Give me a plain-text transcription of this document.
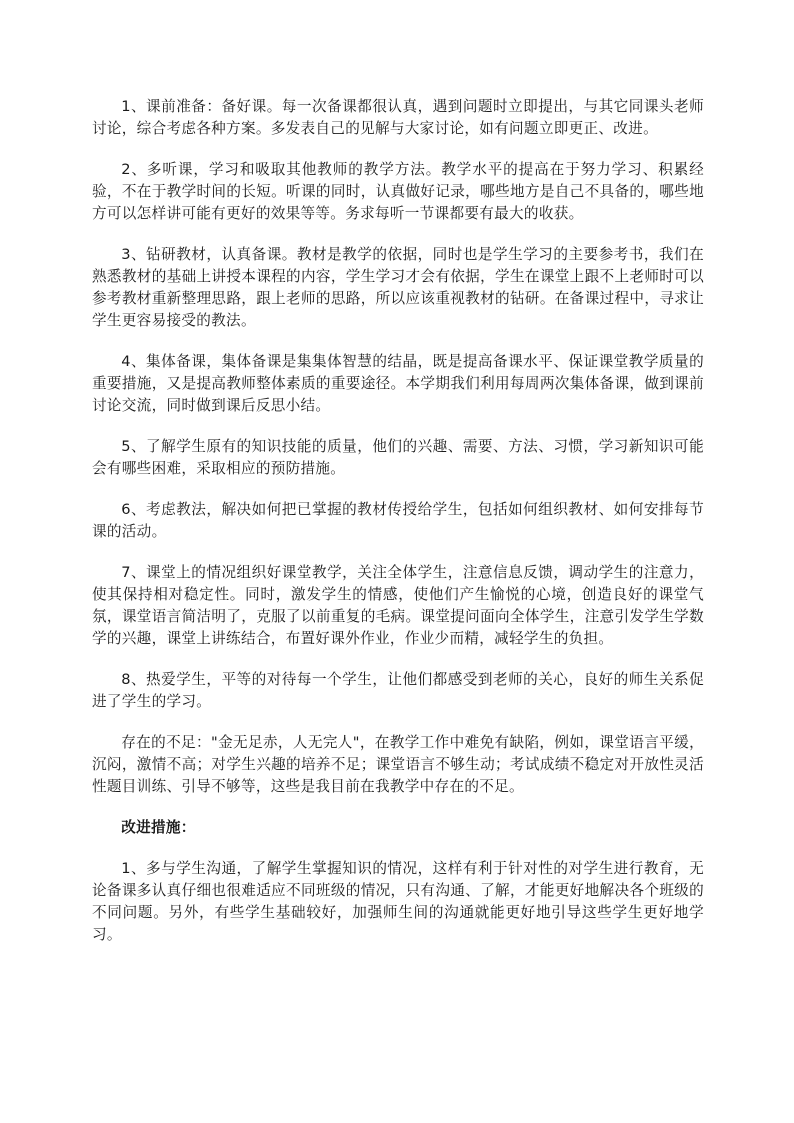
1、课前准备：备好课。每一次备课都很认真，遇到问题时立即提出，与其它同课头老师讨论，综合考虑各种方案。多发表自己的见解与大家讨论，如有问题立即更正、改进。

2、多听课，学习和吸取其他教师的教学方法。教学水平的提高在于努力学习、积累经验，不在于教学时间的长短。听课的同时，认真做好记录，哪些地方是自己不具备的，哪些地方可以怎样讲可能有更好的效果等等。务求每听一节课都要有最大的收获。

3、钻研教材，认真备课。教材是教学的依据，同时也是学生学习的主要参考书，我们在熟悉教材的基础上讲授本课程的内容，学生学习才会有依据，学生在课堂上跟不上老师时可以参考教材重新整理思路，跟上老师的思路，所以应该重视教材的钻研。在备课过程中，寻求让学生更容易接受的教法。

4、集体备课，集体备课是集集体智慧的结晶，既是提高备课水平、保证课堂教学质量的重要措施，又是提高教师整体素质的重要途径。本学期我们利用每周两次集体备课，做到课前讨论交流，同时做到课后反思小结。

5、了解学生原有的知识技能的质量，他们的兴趣、需要、方法、习惯，学习新知识可能会有哪些困难，采取相应的预防措施。

6、考虑教法，解决如何把已掌握的教材传授给学生，包括如何组织教材、如何安排每节课的活动。

7、课堂上的情况组织好课堂教学，关注全体学生，注意信息反馈，调动学生的注意力，使其保持相对稳定性。同时，激发学生的情感，使他们产生愉悦的心境，创造良好的课堂气氛，课堂语言简洁明了，克服了以前重复的毛病。课堂提问面向全体学生，注意引发学生学数学的兴趣，课堂上讲练结合，布置好课外作业，作业少而精，减轻学生的负担。

8、热爱学生，平等的对待每一个学生，让他们都感受到老师的关心，良好的师生关系促进了学生的学习。

存在的不足："金无足赤，人无完人"，在教学工作中难免有缺陷，例如，课堂语言平缓，沉闷，激情不高；对学生兴趣的培养不足；课堂语言不够生动；考试成绩不稳定对开放性灵活性题目训练、引导不够等，这些是我目前在我教学中存在的不足。

改进措施：

1、多与学生沟通，了解学生掌握知识的情况，这样有利于针对性的对学生进行教育，无论备课多认真仔细也很难适应不同班级的情况，只有沟通、了解，才能更好地解决各个班级的不同问题。另外，有些学生基础较好，加强师生间的沟通就能更好地引导这些学生更好地学习。
